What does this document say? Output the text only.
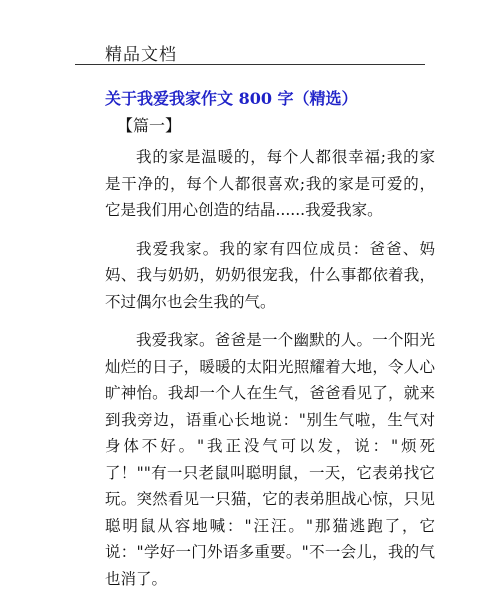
精品文档
关于我爱我家作文 800 字（精选）
【篇一】

我的家是温暖的，每个人都很幸福;我的家是干净的，每个人都很喜欢;我的家是可爱的，它是我们用心创造的结晶......我爱我家。

我爱我家。我的家有四位成员：爸爸、妈妈、我与奶奶，奶奶很宠我，什么事都依着我，不过偶尔也会生我的气。

我爱我家。爸爸是一个幽默的人。一个阳光灿烂的日子，暖暖的太阳光照耀着大地，令人心旷神怡。我却一个人在生气，爸爸看见了，就来到我旁边，语重心长地说："别生气啦，生气对身体不好。"我正没气可以发，说："烦死了！""有一只老鼠叫聪明鼠，一天，它表弟找它玩。突然看见一只猫，它的表弟胆战心惊，只见聪明鼠从容地喊："汪汪。"那猫逃跑了，它说："学好一门外语多重要。"不一会儿，我的气也消了。
